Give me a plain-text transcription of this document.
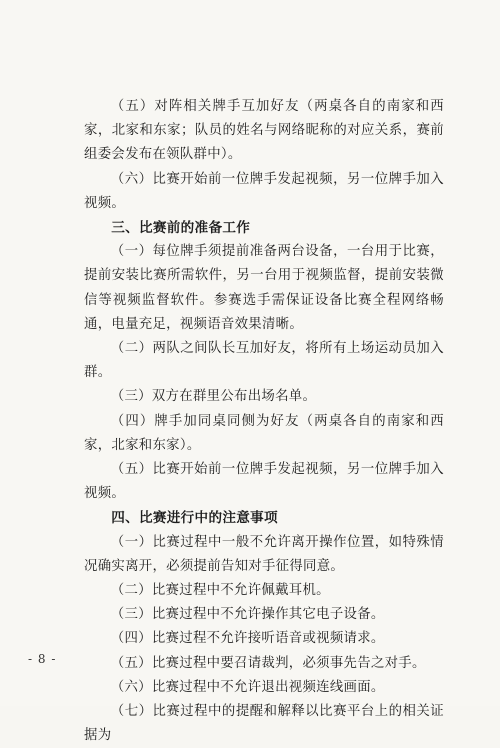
（五）对阵相关牌手互加好友（两桌各自的南家和西家，北家和东家；队员的姓名与网络昵称的对应关系，赛前组委会发布在领队群中）。

（六）比赛开始前一位牌手发起视频，另一位牌手加入视频。

三、比赛前的准备工作

（一）每位牌手须提前准备两台设备，一台用于比赛，提前安装比赛所需软件，另一台用于视频监督，提前安装微信等视频监督软件。参赛选手需保证设备比赛全程网络畅通，电量充足，视频语音效果清晰。

（二）两队之间队长互加好友，将所有上场运动员加入群。

（三）双方在群里公布出场名单。

（四）牌手加同桌同侧为好友（两桌各自的南家和西家，北家和东家）。

（五）比赛开始前一位牌手发起视频，另一位牌手加入视频。

四、比赛进行中的注意事项

（一）比赛过程中一般不允许离开操作位置，如特殊情况确实离开，必须提前告知对手征得同意。

（二）比赛过程中不允许佩戴耳机。

（三）比赛过程中不允许操作其它电子设备。

（四）比赛过程不允许接听语音或视频请求。

（五）比赛过程中要召请裁判，必须事先告之对手。

（六）比赛过程中不允许退出视频连线画面。

（七）比赛过程中的提醒和解释以比赛平台上的相关证据为

- 8 -
